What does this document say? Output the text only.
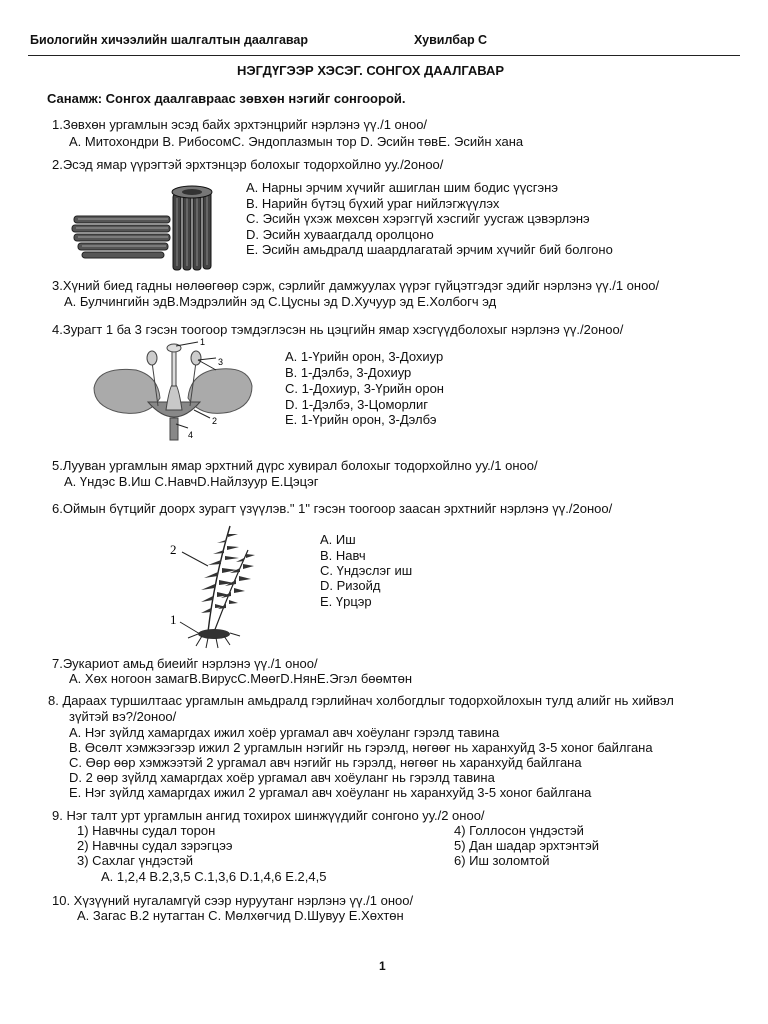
Биологийн хичээлийн шалгалтын даалгавар	Хувилбар С
НЭГДҮГЭЭР ХЭСЭГ. СОНГОХ ДААЛГАВАР
Санамж: Сонгох даалгавраас зөвхөн нэгийг сонгоорой.
1.Зөвхөн ургамлын эсэд байх эрхтэнцрийг нэрлэнэ үү./1 оноо/
A. Митохондри В. РибосомС. Эндоплазмын тор D. Эсийн төвE. Эсийн хана
2.Эсэд ямар үүрэгтэй эрхтэнцэр болохыг тодорхойлно уу./2оноо/
A. Нарны эрчим хүчийг ашиглан шим бодис үүсгэнэ
B. Нарийн бүтэц бүхий ураг нийлэгжүүлэх
C. Эсийн үхэж мөхсөн хэрэггүй хэсгийг уусгаж цэвэрлэнэ
D. Эсийн хуваагдалд оролцоно
E. Эсийн амьдралд шаардлагатай эрчим хүчийг бий болгоно
3.Хүний биед гадны нөлөөгөөр сэрж, сэрлийг дамжуулах үүрэг гүйцэтгэдэг эдийг нэрлэнэ үү./1 оноо/
A. Булчингийн эдB.Мэдрэлийн эд C.Цусны эд D.Хучуур эд E.Холбогч эд
4.Зурагт 1 ба 3 гэсэн тоогоор тэмдэглэсэн нь цэцгийн ямар хэсгүүдболохыг нэрлэнэ үү./2оноо/
A. 1-Үрийн орон, 3-Дохиур
B. 1-Дэлбэ, 3-Дохиур
C. 1-Дохиур, 3-Үрийн орон
D. 1-Дэлбэ, 3-Цоморлиг
E. 1-Үрийн орон, 3-Дэлбэ
1
3
2
4
5.Лууван ургамлын ямар эрхтний дүрс хувирал болохыг тодорхойлно уу./1 оноо/
A. Үндэс B.Иш C.НавчD.Найлзуур E.Цэцэг
6.Оймын бүтцийг доорх зурагт үзүүлэв." 1" гэсэн тоогоор заасан эрхтнийг нэрлэнэ үү./2оноо/
A. Иш
B. Навч
C. Үндэслэг иш
D. Ризойд
E. Үрцэр
2
1
7.Эукариот амьд биеийг нэрлэнэ үү./1 оноо/
A. Хөх ногоон замагB.ВирусC.МөөгD.НянE.Эгэл бөөмтөн
8. Дараах туршилтаас ургамлын амьдралд гэрлийнач холбогдлыг тодорхойлохын тулд алийг нь хийвэл
зүйтэй вэ?/2оноо/
A. Нэг зүйлд хамаргдах ижил хоёр ургамал авч хоёуланг гэрэлд тавина
B. Өсөлт хэмжээгээр ижил 2 ургамлын нэгийг нь гэрэлд, нөгөөг нь харанхуйд 3-5 хоног байлгана
C. Өөр өөр хэмжээтэй 2 ургамал авч нэгийг нь гэрэлд, нөгөөг нь харанхуйд байлгана
D. 2 өөр зүйлд хамаргдах хоёр ургамал авч хоёуланг нь гэрэлд тавина
E. Нэг зүйлд хамаргдах ижил 2 ургамал авч хоёуланг нь харанхуйд 3-5 хоног байлгана
9. Нэг талт урт ургамлын ангид тохирох шинжүүдийг сонгоно уу./2 оноо/
1) Навчны судал торон
2) Навчны судал зэрэгцээ
3) Сахлаг үндэстэй
4) Голлосон үндэстэй
5) Дан шадар эрхтэнтэй
6) Иш золомтой
A. 1,2,4 B.2,3,5 C.1,3,6 D.1,4,6 E.2,4,5
10. Хүзүүний нугаламгүй сээр нуруутанг нэрлэнэ үү./1 оноо/
A. Загас B.2 нутагтан C. Мөлхөгчид D.Шувуу E.Хөхтөн
1
